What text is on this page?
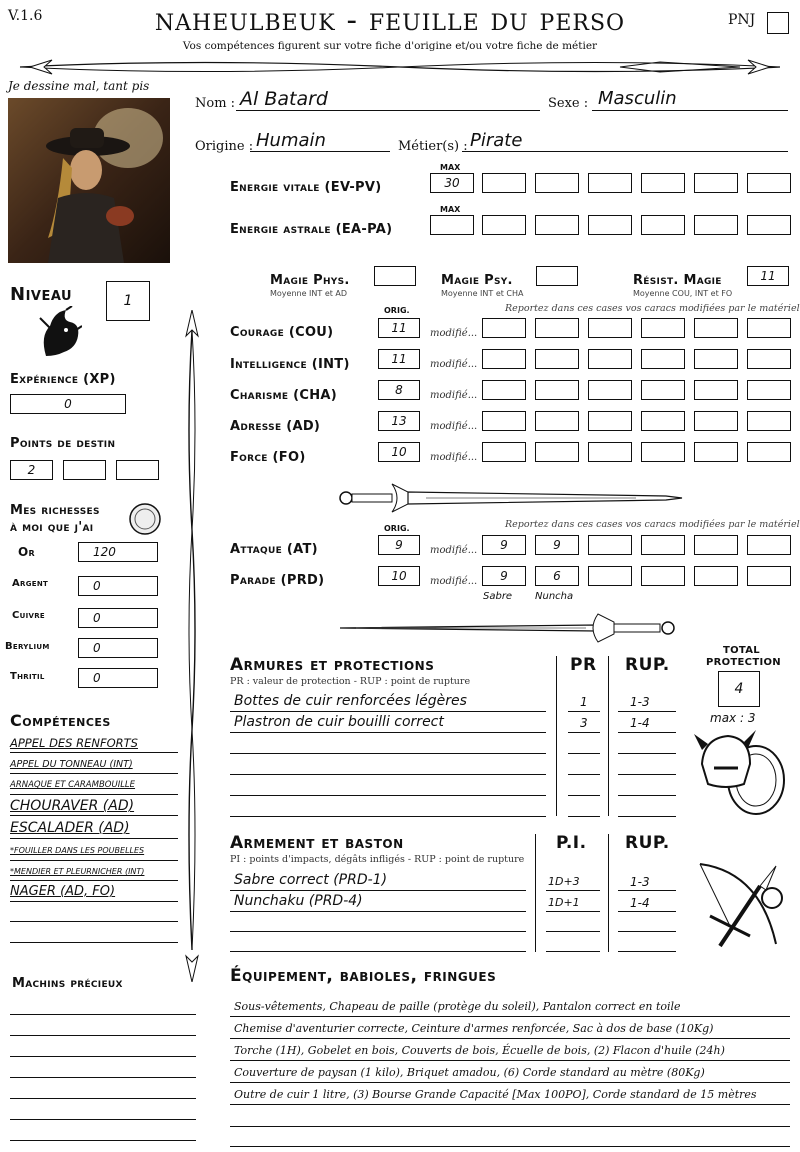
V.1.6	naheulbeuk - feuille du perso
Vos compétences figurent sur votre fiche d'origine et/ou votre fiche de métier
PNJ
Je dessine mal, tant pis
Nom : Al Batard	Sexe : Masculin
Origine : Humain	Métier(s) : Pirate
MAX
Energie vitale (EV-PV)	30
MAX
Energie astrale (EA-PA)
Magie Phys.
Moyenne INT et AD
Magie Psy.
Moyenne INT et CHA
Résist. Magie
Moyenne COU, INT et FO
11
Niveau	1
Expérience (XP)
0
Points de destin
2
Mes richesses
à moi que j'ai
Or	120
Argent	0
Cuivre	0
Berylium	0
Thritil	0
Compétences
APPEL DES RENFORTS
APPEL DU TONNEAU (INT)
ARNAQUE ET CARAMBOUILLE
CHOURAVER (AD)
ESCALADER (AD)
*FOUILLER DANS LES POUBELLES
*MENDIER ET PLEURNICHER (INT)
NAGER (AD, FO)
Machins précieux
ORIG.	Reportez dans ces cases vos caracs modifiées par le matériel
Courage (COU)	11	modifié...
Intelligence (INT)	11	modifié...
Charisme (CHA)	8	modifié...
Adresse (AD)	13	modifié...
Force (FO)	10	modifié...
ORIG.	Reportez dans ces cases vos caracs modifiées par le matériel
Attaque (AT)	9	modifié...	9	9
Parade (PRD)	10	modifié...	9	6
Sabre Nuncha
Armures et protections
PR : valeur de protection - RUP : point de rupture
PR RUP.
Bottes de cuir renforcées légères	1	1-3
Plastron de cuir bouilli correct	3	1-4
TOTAL
PROTECTION
4
max : 3
Armement et baston
PI : points d'impacts, dégâts infligés - RUP : point de rupture
P.I. RUP.
Sabre correct (PRD-1)	1D+3	1-3
Nunchaku (PRD-4)	1D+1	1-4
Équipement, babioles, fringues
Sous-vêtements, Chapeau de paille (protège du soleil), Pantalon correct en toile
Chemise d'aventurier correcte, Ceinture d'armes renforcée, Sac à dos de base (10Kg)
Torche (1H), Gobelet en bois, Couverts de bois, Écuelle de bois, (2) Flacon d'huile (24h)
Couverture de paysan (1 kilo), Briquet amadou, (6) Corde standard au mètre (80Kg)
Outre de cuir 1 litre, (3) Bourse Grande Capacité [Max 100PO], Corde standard de 15 mètres
